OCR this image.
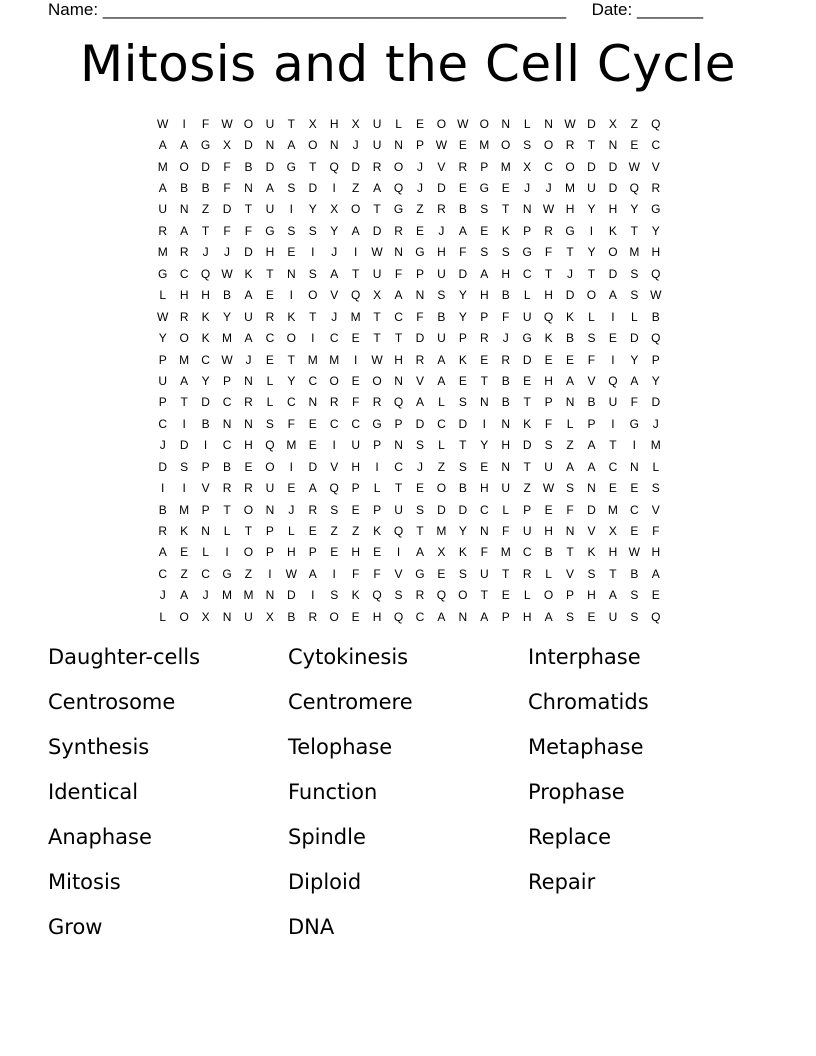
Name: _________________________________________________ Date: _______
Mitosis and the Cell Cycle
W	I	F	W O	U	T	X	H	X	U	L	E	O W O	N	L	N W D	X	Z	Q
A	A	G	X	D	N	A	O	N	J	U	N	P W E	M O	S	O	R	T	N	E	C
M O	D	F	B	D	G	T	Q	D	R	O	J	V	R	P	M	X	C	O	D	D W V
A	B	B	F	N	A	S	D	I	Z	A	Q	J	D	E	G	E	J	J	M	U	D	Q	R
U	N	Z	D	T	U	I	Y	X	O	T	G	Z	R	B	S	T	N W H	Y	H	Y	G
R	A	T	F	F	G	S	S	Y	A	D	R	E	J	A	E	K	P	R	G	I	K	T	Y
M	R	J	J	D	H	E	I	J	I	W N	G	H	F	S	S	G	F	T	Y	O M	H
G	C	Q W K	T	N	S	A	T	U	F	P	U	D	A	H	C	T	J	T	D	S	Q
L	H	H	B	A	E	I	O	V	Q	X	A	N	S	Y	H	B	L	H	D	O	A	S W
W R	K	Y	U	R	K	T	J	M	T	C	F	B	Y	P	F	U	Q	K	L	I	L	B
Y	O	K	M	A	C	O	I	C	E	T	T	D	U	P	R	J	G	K	B	S	E	D	Q
P	M	C W	J	E	T	M M	I	W H	R	A	K	E	R	D	E	E	F	I	Y	P
U	A	Y	P	N	L	Y	C	O	E	O	N	V	A	E	T	B	E	H	A	V	Q	A	Y
P	T	D	C	R	L	C	N	R	F	R	Q	A	L	S	N	B	T	P	N	B	U	F	D
C	I	B	N	N	S	F	E	C	C	G	P	D	C	D	I	N	K	F	L	P	I	G	J
J	D	I	C	H	Q M	E	I	U	P	N	S	L	T	Y	H	D	S	Z	A	T	I	M
D	S	P	B	E	O	I	D	V	H	I	C	J	Z	S	E	N	T	U	A	A	C	N	L
I	I	V	R	R	U	E	A	Q	P	L	T	E	O	B	H	U	Z	W S	N	E	E	S
B	M	P	T	O	N	J	R	S	E	P	U	S	D	D	C	L	P	E	F	D	M	C	V
R	K	N	L	T	P	L	E	Z	Z	K	Q	T	M	Y	N	F	U	H	N	V	X	E	F
A	E	L	I	O	P	H	P	E	H	E	I	A	X	K	F	M	C	B	T	K	H W H
C	Z	C	G	Z	I	W A	I	F	F	V	G	E	S	U	T	R	L	V	S	T	B	A
J	A	J	M M	N	D	I	S	K	Q	S	R	Q	O	T	E	L	O	P	H	A	S	E
L	O	X	N	U	X	B	R	O	E	H	Q	C	A	N	A	P	H	A	S	E	U	S	Q
Daughter-cells	Cytokinesis	Interphase
Centrosome	Centromere	Chromatids
Synthesis	Telophase	Metaphase
Identical	Function	Prophase
Anaphase	Spindle	Replace
Mitosis	Diploid	Repair
Grow	DNA
